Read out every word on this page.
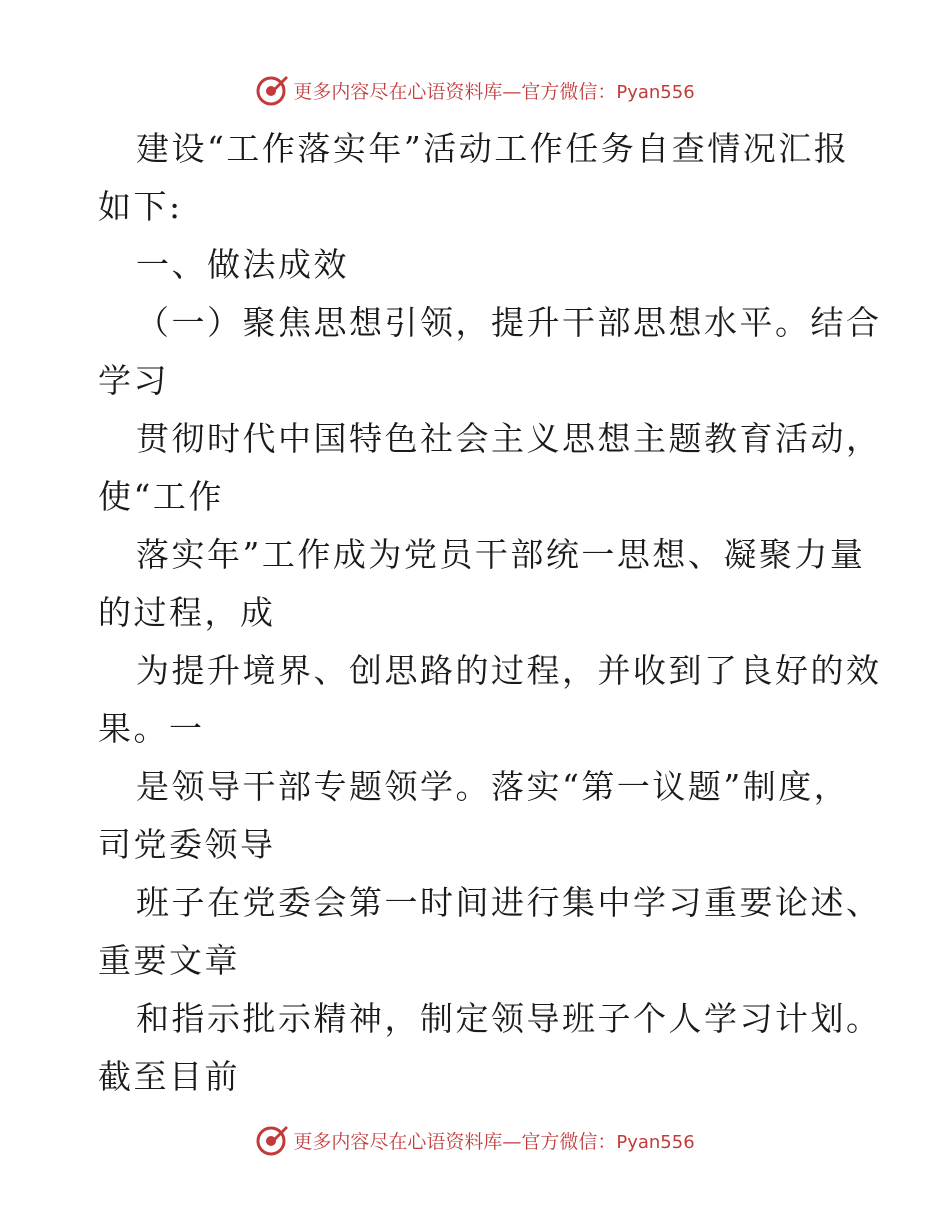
更多内容尽在心语资料库—官方微信：Pyan556
建设“工作落实年”活动工作任务自查情况汇报
如下:
一、做法成效
（一）聚焦思想引领，提升干部思想水平。结合
学习
贯彻时代中国特色社会主义思想主题教育活动，
使“工作
落实年”工作成为党员干部统一思想、凝聚力量
的过程，成
为提升境界、创思路的过程，并收到了良好的效
果。一
是领导干部专题领学。落实“第一议题”制度，
司党委领导
班子在党委会第一时间进行集中学习重要论述、
重要文章
和指示批示精神，制定领导班子个人学习计划。
截至目前
更多内容尽在心语资料库—官方微信：Pyan556
